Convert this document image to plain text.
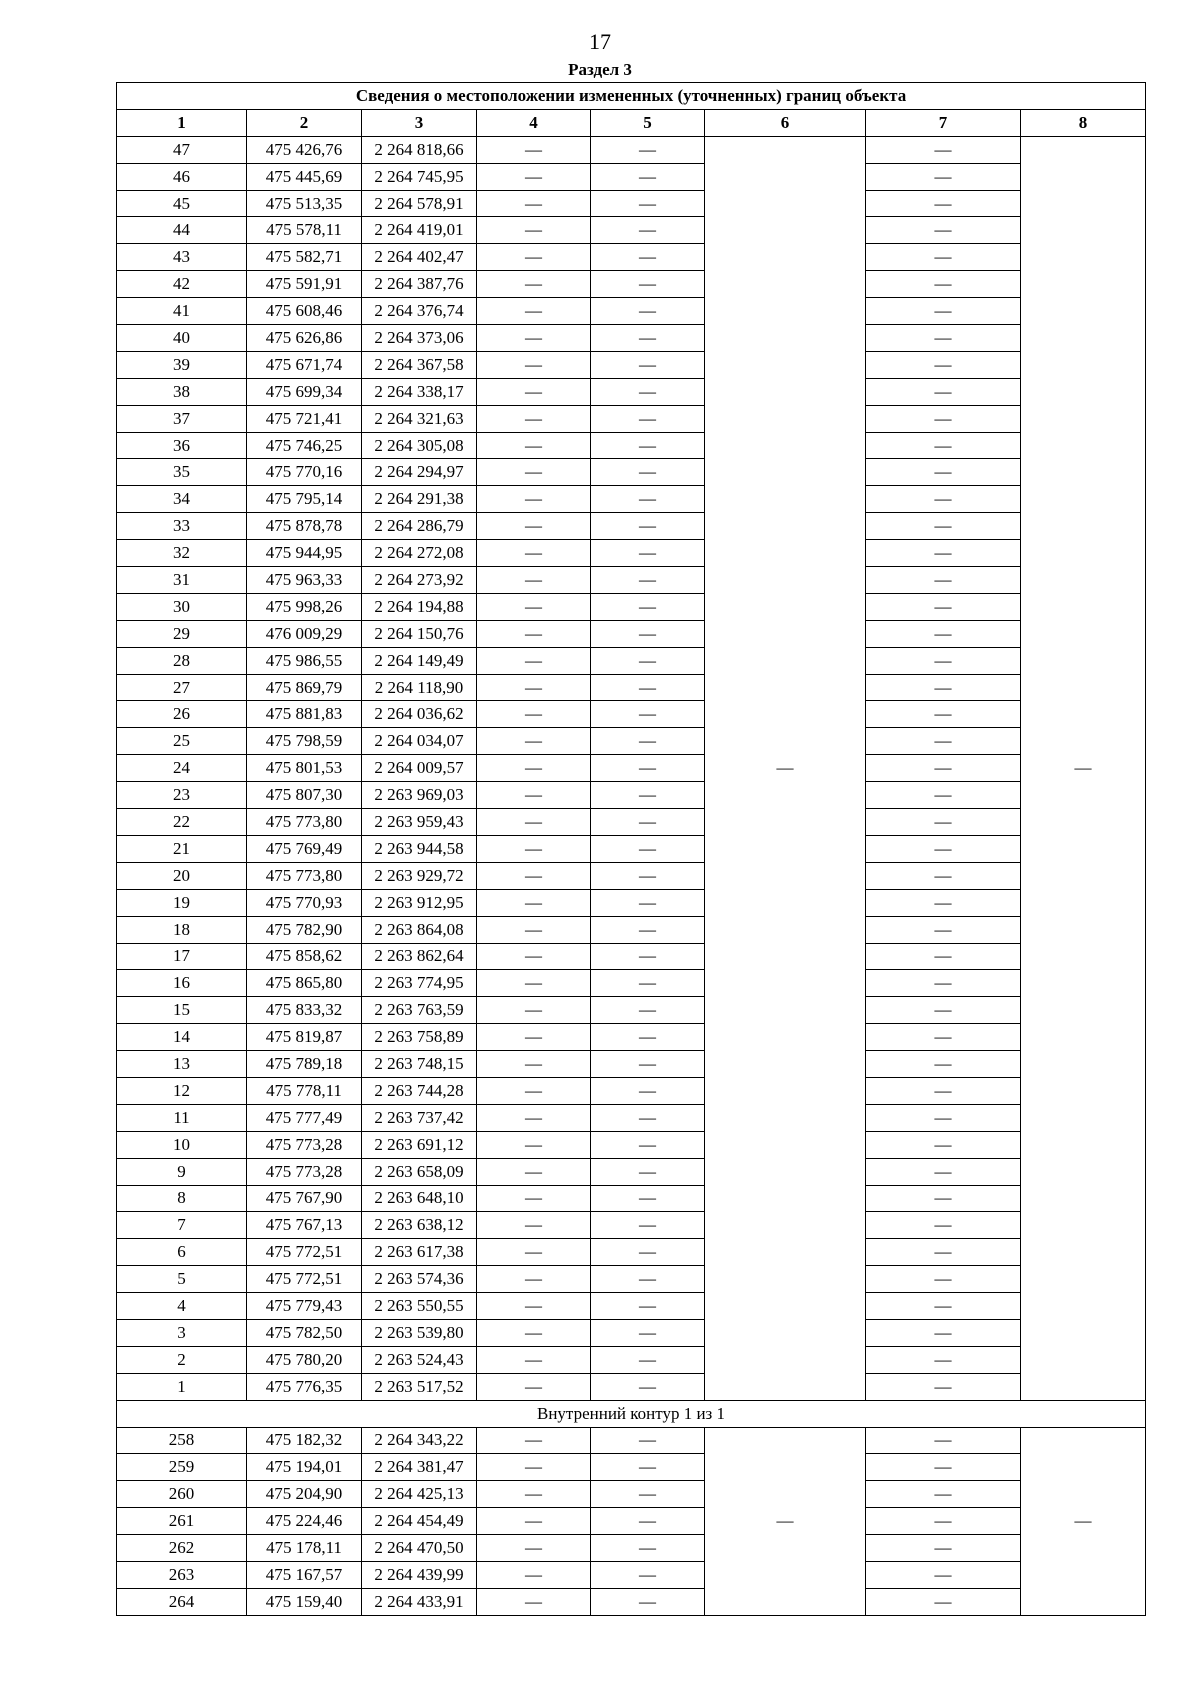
17
Раздел 3
Сведения о местоположении измененных (уточненных) границ объекта							
1	2	3	4	5	6	7	8
47	475 426,76	2 264 818,66	—	—	—	—	—
46	475 445,69	2 264 745,95	—	—		—	
45	475 513,35	2 264 578,91	—	—		—	
44	475 578,11	2 264 419,01	—	—		—	
43	475 582,71	2 264 402,47	—	—		—	
42	475 591,91	2 264 387,76	—	—		—	
41	475 608,46	2 264 376,74	—	—		—	
40	475 626,86	2 264 373,06	—	—		—	
39	475 671,74	2 264 367,58	—	—		—	
38	475 699,34	2 264 338,17	—	—		—	
37	475 721,41	2 264 321,63	—	—		—	
36	475 746,25	2 264 305,08	—	—		—	
35	475 770,16	2 264 294,97	—	—		—	
34	475 795,14	2 264 291,38	—	—		—	
33	475 878,78	2 264 286,79	—	—		—	
32	475 944,95	2 264 272,08	—	—		—	
31	475 963,33	2 264 273,92	—	—		—	
30	475 998,26	2 264 194,88	—	—		—	
29	476 009,29	2 264 150,76	—	—		—	
28	475 986,55	2 264 149,49	—	—		—	
27	475 869,79	2 264 118,90	—	—		—	
26	475 881,83	2 264 036,62	—	—		—	
25	475 798,59	2 264 034,07	—	—		—	
24	475 801,53	2 264 009,57	—	—		—	
23	475 807,30	2 263 969,03	—	—		—	
22	475 773,80	2 263 959,43	—	—		—	
21	475 769,49	2 263 944,58	—	—		—	
20	475 773,80	2 263 929,72	—	—		—	
19	475 770,93	2 263 912,95	—	—		—	
18	475 782,90	2 263 864,08	—	—		—	
17	475 858,62	2 263 862,64	—	—		—	
16	475 865,80	2 263 774,95	—	—		—	
15	475 833,32	2 263 763,59	—	—		—	
14	475 819,87	2 263 758,89	—	—		—	
13	475 789,18	2 263 748,15	—	—		—	
12	475 778,11	2 263 744,28	—	—		—	
11	475 777,49	2 263 737,42	—	—		—	
10	475 773,28	2 263 691,12	—	—		—	
9	475 773,28	2 263 658,09	—	—		—	
8	475 767,90	2 263 648,10	—	—		—	
7	475 767,13	2 263 638,12	—	—		—	
6	475 772,51	2 263 617,38	—	—		—	
5	475 772,51	2 263 574,36	—	—		—	
4	475 779,43	2 263 550,55	—	—		—	
3	475 782,50	2 263 539,80	—	—		—	
2	475 780,20	2 263 524,43	—	—		—	
1	475 776,35	2 263 517,52	—	—		—	
Внутренний контур 1 из 1							
258	475 182,32	2 264 343,22	—	—	—	—	—
259	475 194,01	2 264 381,47	—	—		—	
260	475 204,90	2 264 425,13	—	—		—	
261	475 224,46	2 264 454,49	—	—		—	
262	475 178,11	2 264 470,50	—	—		—	
263	475 167,57	2 264 439,99	—	—		—	
264	475 159,40	2 264 433,91	—	—		—	
